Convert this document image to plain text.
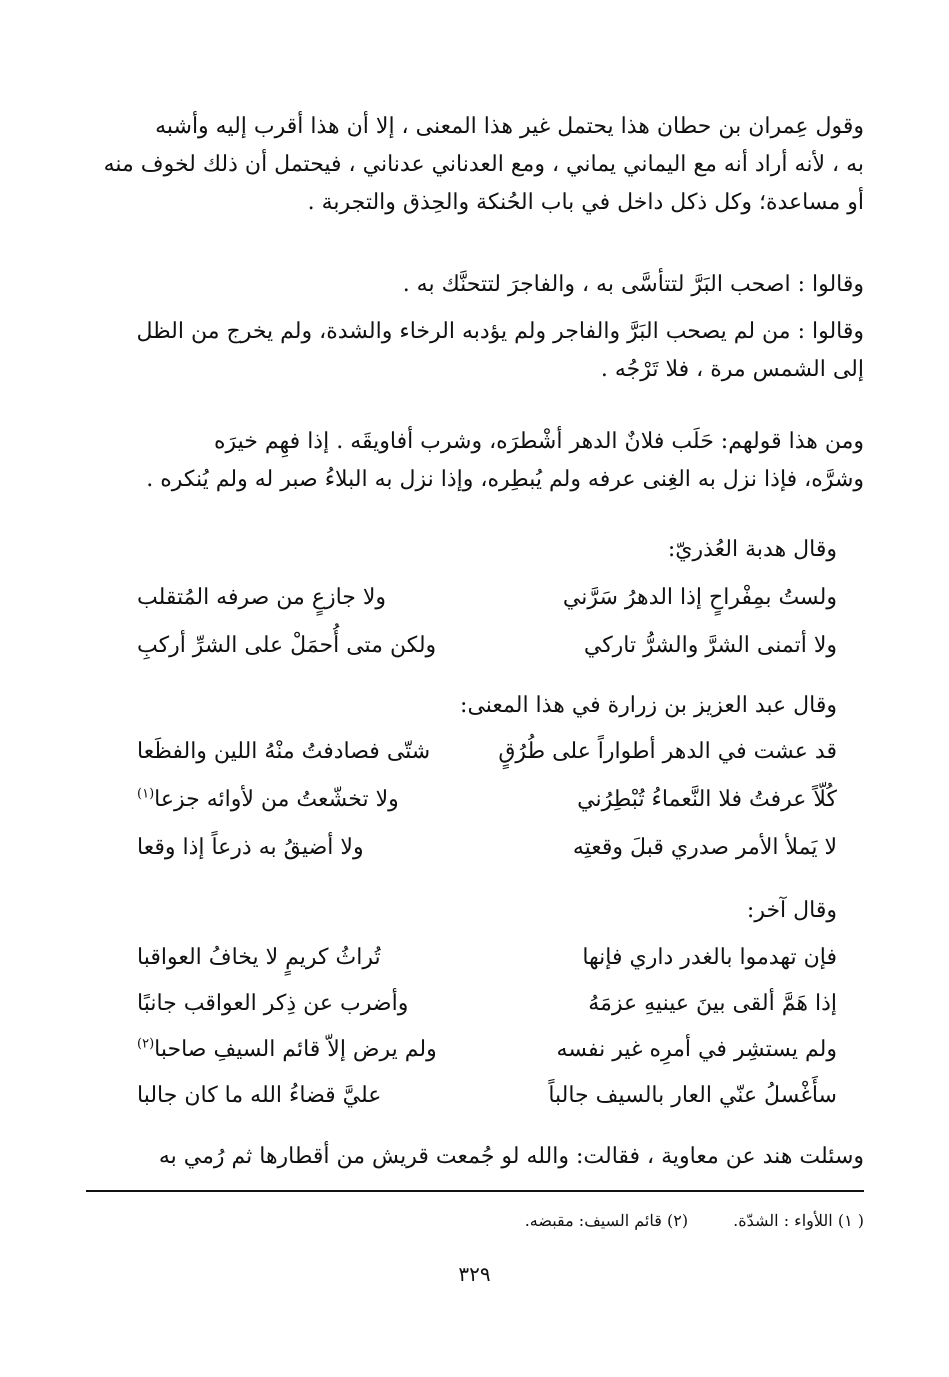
وقول عِمران بن حطان هذا يحتمل غير هذا المعنى ، إلا أن هذا أقرب إليه وأشبه
به ، لأنه أراد أنه مع اليماني يماني ، ومع العدناني عدناني ، فيحتمل أن ذلك لخوف منه
أو مساعدة؛ وكل ذكل داخل في باب الحُنكة والحِذق والتجربة .
وقالوا : اصحب البَرَّ لتتأسَّى به ، والفاجرَ لتتحنَّك به .
وقالوا : من لم يصحب البَرَّ والفاجر ولم يؤدبه الرخاء والشدة، ولم يخرج من الظل
إلى الشمس مرة ، فلا تَرْجُه .
ومن هذا قولهم: حَلَب فلانٌ الدهر أشْطرَه، وشرب أفاويقَه . إذا فهِم خيرَه
وشرَّه، فإذا نزل به الغِنى عرفه ولم يُبطِره، وإذا نزل به البلاءُ صبر له ولم يُنكره .
وقال هدبة العُذريّ:
ولستُ بمِفْراحٍ إذا الدهرُ سَرَّني
ولا جازعٍ من صرفه المُتقلب
ولا أتمنى الشرَّ والشرُّ تاركي
ولكن متى أُحمَلْ على الشرِّ أركبِ
وقال عبد العزيز بن زرارة في هذا المعنى:
قد عشت في الدهر أطواراً على طُرُقٍ
شتّى فصادفتُ منْهُ اللين والفظَعا
كُلّاً عرفتُ فلا النَّعماءُ تُبْطِرُني
ولا تخشّعتُ من لأوائه جزعا$^{(١)}$
لا يَملأ الأمر صدري قبلَ وقعتِه
ولا أضيقُ به ذرعاً إذا وقعا
وقال آخر:
فإن تهدموا بالغدر داري فإنها
تُراثُ كريمٍ لا يخافُ العواقبا
إذا هَمَّ ألقى بينَ عينيهِ عزمَهُ
وأضرب عن ذِكر العواقب جانبًا
ولم يستشِر في أمرِه غير نفسه
ولم يرض إلاّ قائم السيفِ صاحبا$^{(٢)}$
سأَغْسلُ عنّي العار بالسيف جالباً
عليَّ قضاءُ الله ما كان جالبا
وسئلت هند عن معاوية ، فقالت: والله لو جُمعت قريش من أقطارها ثم رُمي به
( ١) اللأواء : الشدّة. (٢) قائم السيف: مقبضه.
٣٢٩
